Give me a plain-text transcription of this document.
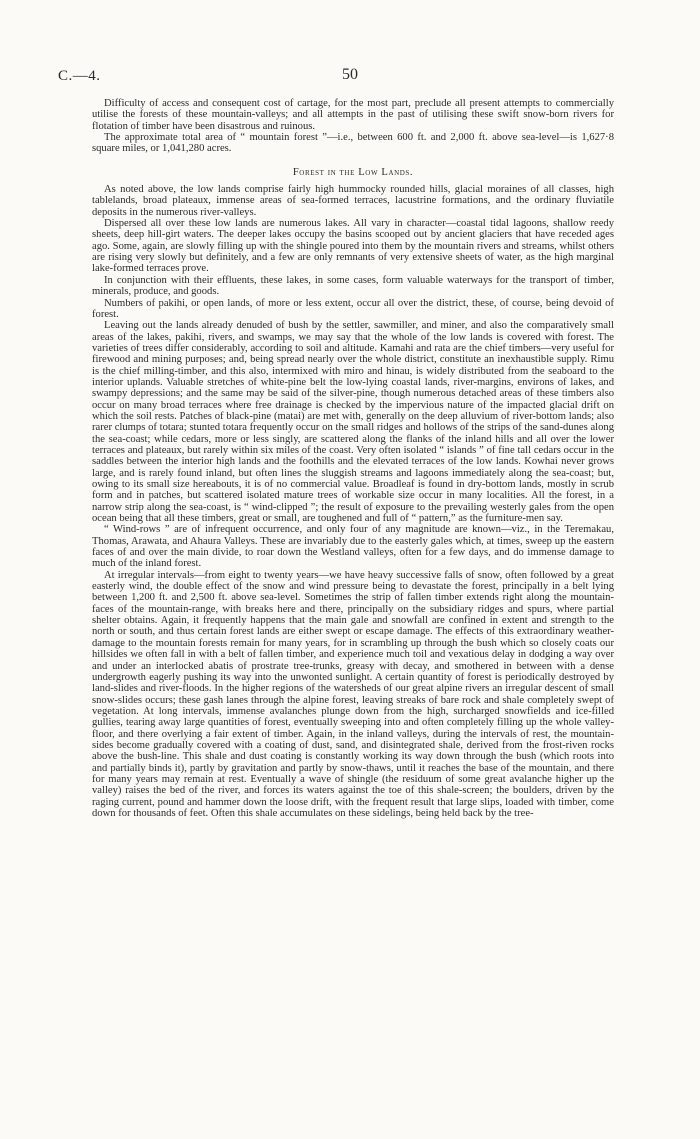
C.—4.	50

Difficulty of access and consequent cost of cartage, for the most part, preclude all present attempts to commercially utilise the forests of these mountain-valleys; and all attempts in the past of utilising these swift snow-born rivers for flotation of timber have been disastrous and ruinous.

The approximate total area of “ mountain forest ”—i.e., between 600 ft. and 2,000 ft. above sea-level—is 1,627·8 square miles, or 1,041,280 acres.

Forest in the Low Lands.

As noted above, the low lands comprise fairly high hummocky rounded hills, glacial moraines of all classes, high tablelands, broad plateaux, immense areas of sea-formed terraces, lacustrine formations, and the ordinary fluviatile deposits in the numerous river-valleys.

Dispersed all over these low lands are numerous lakes. All vary in character—coastal tidal lagoons, shallow reedy sheets, deep hill-girt waters. The deeper lakes occupy the basins scooped out by ancient glaciers that have receded ages ago. Some, again, are slowly filling up with the shingle poured into them by the mountain rivers and streams, whilst others are rising very slowly but definitely, and a few are only remnants of very extensive sheets of water, as the high marginal lake-formed terraces prove.

In conjunction with their effluents, these lakes, in some cases, form valuable waterways for the transport of timber, minerals, produce, and goods.

Numbers of pakihi, or open lands, of more or less extent, occur all over the district, these, of course, being devoid of forest.

Leaving out the lands already denuded of bush by the settler, sawmiller, and miner, and also the comparatively small areas of the lakes, pakihi, rivers, and swamps, we may say that the whole of the low lands is covered with forest. The varieties of trees differ considerably, according to soil and altitude. Kamahi and rata are the chief timbers—very useful for firewood and mining purposes; and, being spread nearly over the whole district, constitute an inexhaustible supply. Rimu is the chief milling-timber, and this also, intermixed with miro and hinau, is widely distributed from the seaboard to the interior uplands. Valuable stretches of white-pine belt the low-lying coastal lands, river-margins, environs of lakes, and swampy depressions; and the same may be said of the silver-pine, though numerous detached areas of these timbers also occur on many broad terraces where free drainage is checked by the impervious nature of the impacted glacial drift on which the soil rests. Patches of black-pine (matai) are met with, generally on the deep alluvium of river-bottom lands; also rarer clumps of totara; stunted totara frequently occur on the small ridges and hollows of the strips of the sand-dunes along the sea-coast; while cedars, more or less singly, are scattered along the flanks of the inland hills and all over the lower terraces and plateaux, but rarely within six miles of the coast. Very often isolated “ islands ” of fine tall cedars occur in the saddles between the interior high lands and the foothills and the elevated terraces of the low lands. Kowhai never grows large, and is rarely found inland, but often lines the sluggish streams and lagoons immediately along the sea-coast; but, owing to its small size hereabouts, it is of no commercial value. Broadleaf is found in dry-bottom lands, mostly in scrub form and in patches, but scattered isolated mature trees of workable size occur in many localities. All the forest, in a narrow strip along the sea-coast, is “ wind-clipped ”; the result of exposure to the prevailing westerly gales from the open ocean being that all these timbers, great or small, are toughened and full of “ pattern,” as the furniture-men say.

“ Wind-rows ” are of infrequent occurrence, and only four of any magnitude are known—viz., in the Teremakau, Thomas, Arawata, and Ahaura Valleys. These are invariably due to the easterly gales which, at times, sweep up the eastern faces of and over the main divide, to roar down the Westland valleys, often for a few days, and do immense damage to much of the inland forest.

At irregular intervals—from eight to twenty years—we have heavy successive falls of snow, often followed by a great easterly wind, the double effect of the snow and wind pressure being to devastate the forest, principally in a belt lying between 1,200 ft. and 2,500 ft. above sea-level. Sometimes the strip of fallen timber extends right along the mountain-faces of the mountain-range, with breaks here and there, principally on the subsidiary ridges and spurs, where partial shelter obtains. Again, it frequently happens that the main gale and snowfall are confined in extent and strength to the north or south, and thus certain forest lands are either swept or escape damage. The effects of this extraordinary weather-damage to the mountain forests remain for many years, for in scrambling up through the bush which so closely coats our hillsides we often fall in with a belt of fallen timber, and experience much toil and vexatious delay in dodging a way over and under an interlocked abatis of prostrate tree-trunks, greasy with decay, and smothered in between with a dense undergrowth eagerly pushing its way into the unwonted sunlight. A certain quantity of forest is periodically destroyed by land-slides and river-floods. In the higher regions of the watersheds of our great alpine rivers an irregular descent of small snow-slides occurs; these gash lanes through the alpine forest, leaving streaks of bare rock and shale completely swept of vegetation. At long intervals, immense avalanches plunge down from the high, surcharged snowfields and ice-filled gullies, tearing away large quantities of forest, eventually sweeping into and often completely filling up the whole valley-floor, and there overlying a fair extent of timber. Again, in the inland valleys, during the intervals of rest, the mountain-sides become gradually covered with a coating of dust, sand, and disintegrated shale, derived from the frost-riven rocks above the bush-line. This shale and dust coating is constantly working its way down through the bush (which roots into and partially binds it), partly by gravitation and partly by snow-thaws, until it reaches the base of the mountain, and there for many years may remain at rest. Eventually a wave of shingle (the residuum of some great avalanche higher up the valley) raises the bed of the river, and forces its waters against the toe of this shale-screen; the boulders, driven by the raging current, pound and hammer down the loose drift, with the frequent result that large slips, loaded with timber, come down for thousands of feet. Often this shale accumulates on these sidelings, being held back by the tree-
